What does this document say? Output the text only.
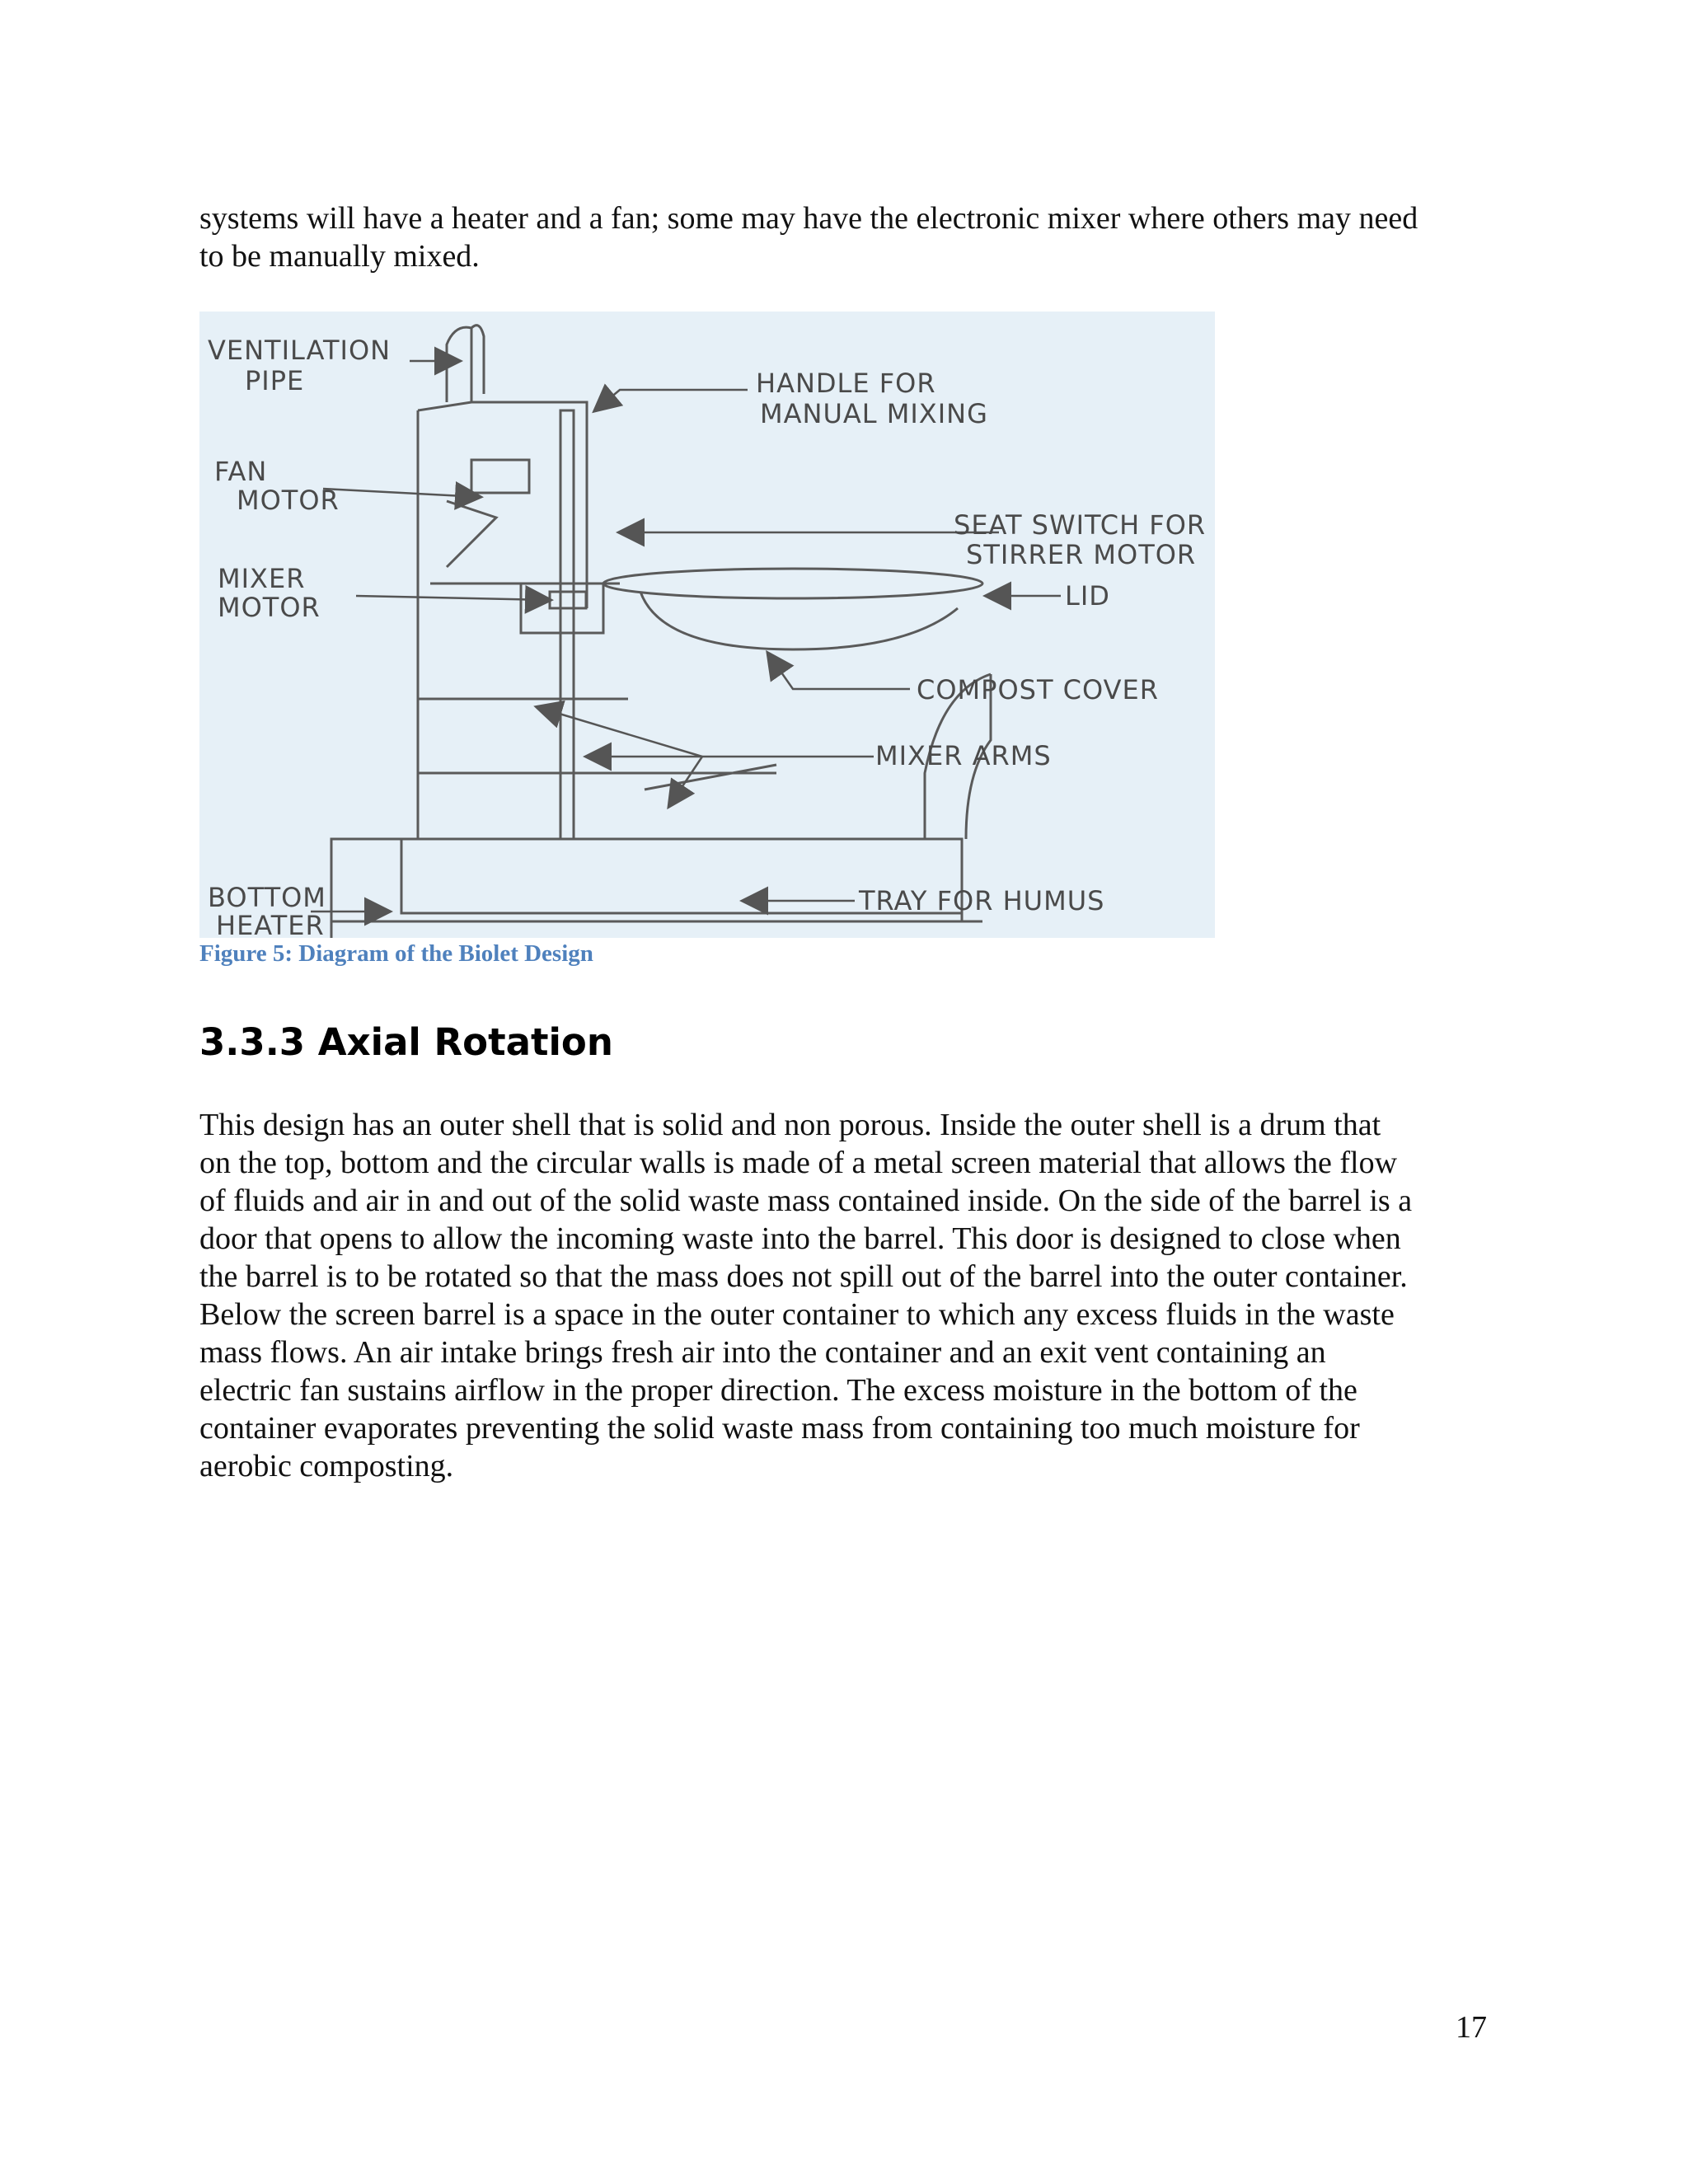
systems will have a heater and a fan; some may have the electronic mixer where others may need
to be manually mixed.

VENTILATION
PIPE
FAN
MOTOR
MIXER
MOTOR
BOTTOM
HEATER
HANDLE FOR
MANUAL MIXING
SEAT SWITCH FOR
STIRRER MOTOR
LID
COMPOST COVER
MIXER ARMS
TRAY FOR HUMUS
Figure 5: Diagram of the Biolet Design
3.3.3 Axial Rotation

This design has an outer shell that is solid and non porous. Inside the outer shell is a drum that
on the top, bottom and the circular walls is made of a metal screen material that allows the flow
of fluids and air in and out of the solid waste mass contained inside. On the side of the barrel is a
door that opens to allow the incoming waste into the barrel. This door is designed to close when
the barrel is to be rotated so that the mass does not spill out of the barrel into the outer container.
Below the screen barrel is a space in the outer container to which any excess fluids in the waste
mass flows. An air intake brings fresh air into the container and an exit vent containing an
electric fan sustains airflow in the proper direction. The excess moisture in the bottom of the
container evaporates preventing the solid waste mass from containing too much moisture for
aerobic composting.

17
